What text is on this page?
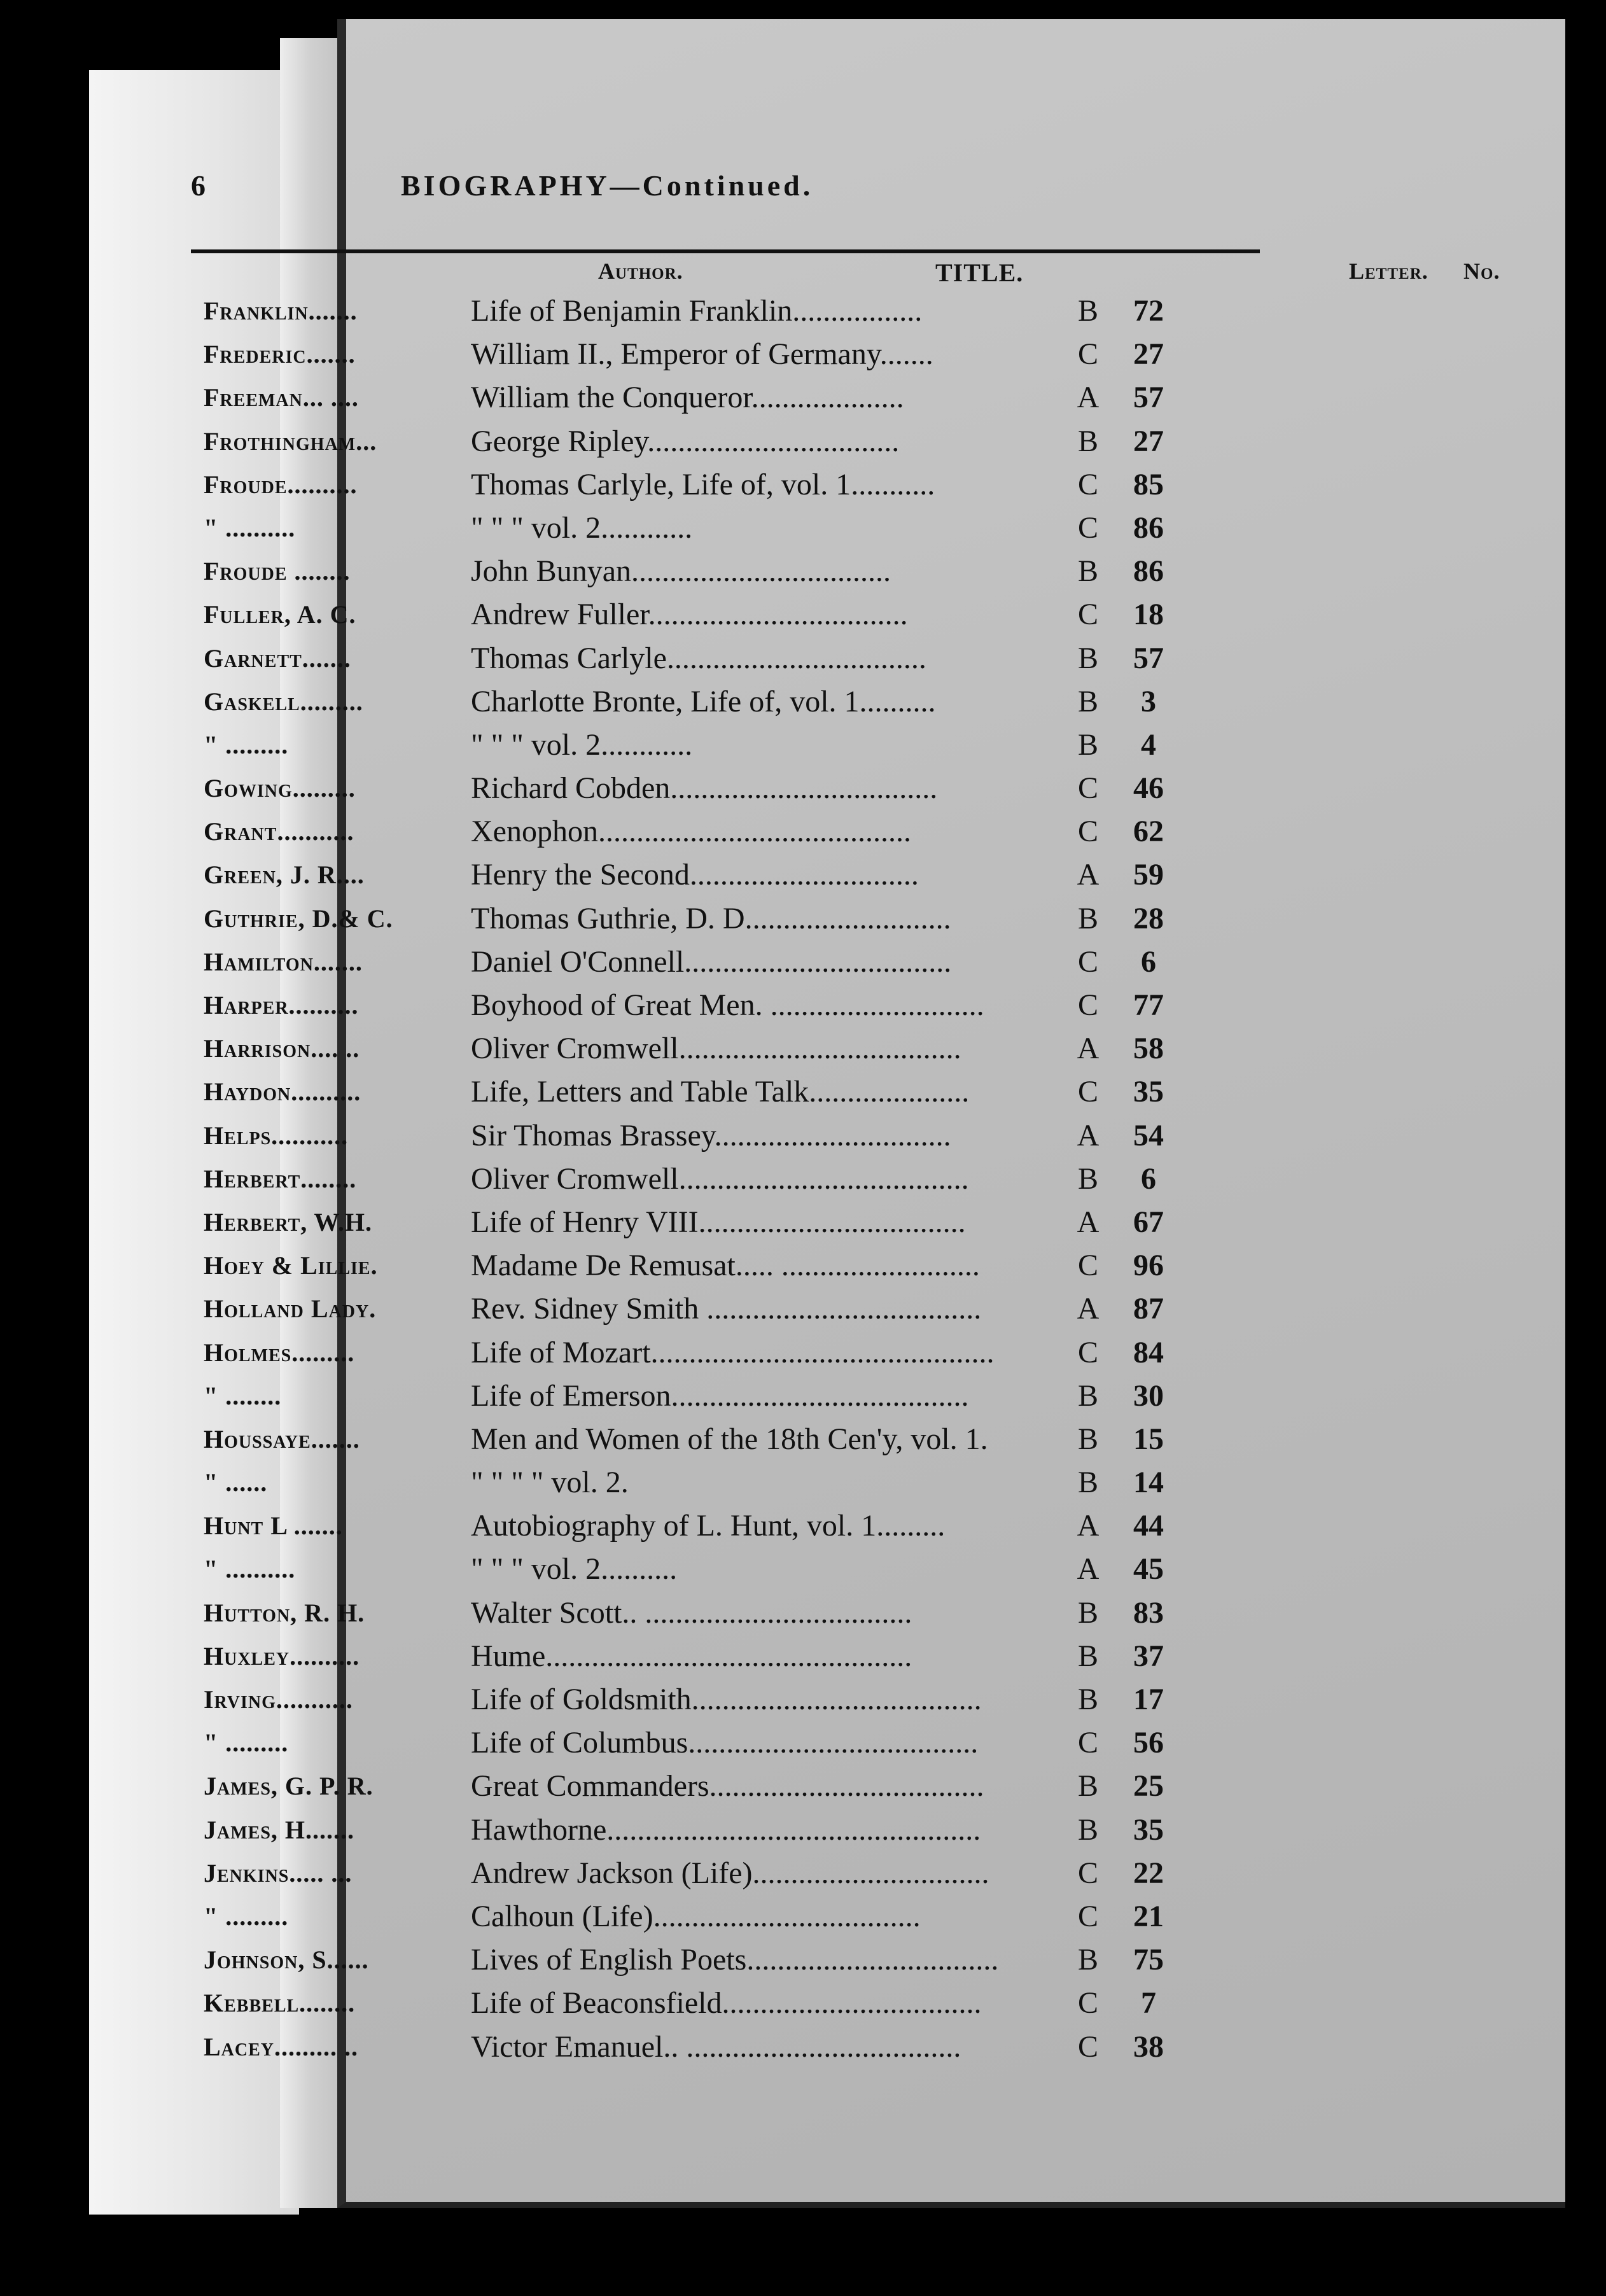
6	BIOGRAPHY—Continued.
Author.	TITLE.	Letter. No.
Franklin.......	Life of Benjamin Franklin.................	B 72
Frederic.......	William II., Emperor of Germany.......	C 27
Freeman... ....	William the Conqueror....................	A 57
Frothingham...	George Ripley.................................	B 27
Froude..........	Thomas Carlyle, Life of, vol. 1...........	C 85
" ..........	" " " vol. 2............	C 86
Froude ........	John Bunyan..................................	B 86
Fuller, A. C.	Andrew Fuller..................................	C 18
Garnett.......	Thomas Carlyle..................................	B 57
Gaskell.........	Charlotte Bronte, Life of, vol. 1..........	B	3
" .........	" " " vol. 2............	B	4
Gowing.........	Richard Cobden...................................	C 46
Grant...........	Xenophon.........................................	C 62
Green, J. R....	Henry the Second..............................	A 59
Guthrie, D.& C.	Thomas Guthrie, D. D...........................	B 28
Hamilton.......	Daniel O'Connell...................................	C	6
Harper..........	Boyhood of Great Men. ............................	C 77
Harrison.... ..	Oliver Cromwell.....................................	A 58
Haydon..........	Life, Letters and Table Talk.....................	C 35
Helps...........	Sir Thomas Brassey...............................	A 54
Herbert........	Oliver Cromwell......................................	B	6
Herbert, W.H.	Life of Henry VIII...................................	A 67
Hoey & Lillie.	Madame De Remusat..... ..........................	C 96
Holland Lady.	Rev. Sidney Smith ....................................	A 87
Holmes.........	Life of Mozart.............................................	C 84
" ........	Life of Emerson.......................................	B 30
Houssaye.......	Men and Women of the 18th Cen'y, vol. 1.	B 15
" ......	" " " " vol. 2.	B 14
Hunt L .......	Autobiography of L. Hunt, vol. 1.........	A 44
" ..........	" " " vol. 2..........	A 45
Hutton, R. H.	Walter Scott.. ...................................	B 83
Huxley..........	Hume................................................	B 37
Irving...........	Life of Goldsmith......................................	B 17
" .........	Life of Columbus......................................	C 56
James, G. P. R.	Great Commanders....................................	B 25
James, H.......	Hawthorne.................................................	B 35
Jenkins..... ...	Andrew Jackson (Life)...............................	C 22
" .........	Calhoun (Life)...................................	C 21
Johnson, S......	Lives of English Poets.................................	B 75
Kebbell........	Life of Beaconsfield..................................	C	7
Lacey......... ..	Victor Emanuel.. ....................................	C 38
